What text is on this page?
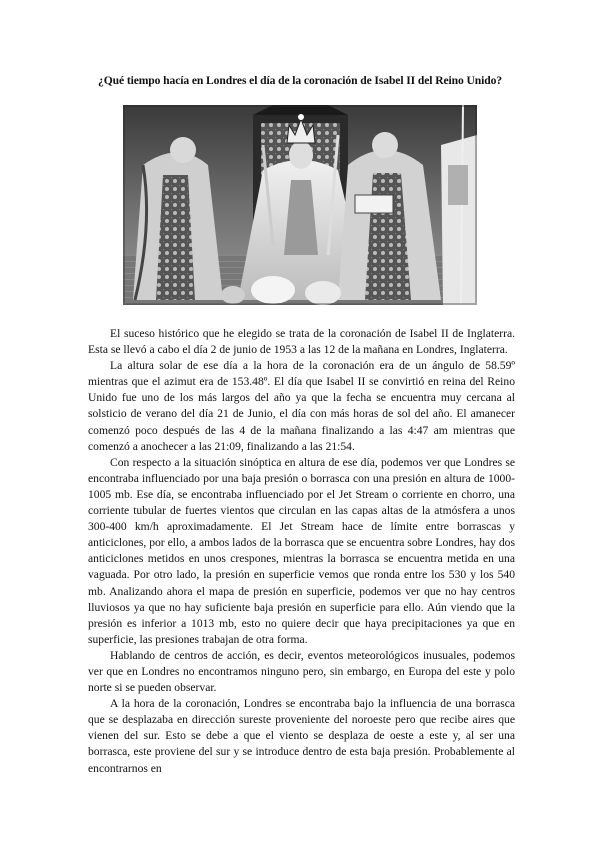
¿Qué tiempo hacía en Londres el día de la coronación de Isabel II del Reino Unido?

El suceso histórico que he elegido se trata de la coronación de Isabel II de Inglaterra. Esta se llevó a cabo el día 2 de junio de 1953 a las 12 de la mañana en Londres, Inglaterra.

La altura solar de ese día a la hora de la coronación era de un ángulo de 58.59º mientras que el azimut era de 153.48º. El día que Isabel II se convirtió en reina del Reino Unido fue uno de los más largos del año ya que la fecha se encuentra muy cercana al solsticio de verano del día 21 de Junio, el día con más horas de sol del año. El amanecer comenzó poco después de las 4 de la mañana finalizando a las 4:47 am mientras que comenzó a anochecer a las 21:09, finalizando a las 21:54.

Con respecto a la situación sinóptica en altura de ese día, podemos ver que Londres se encontraba influenciado por una baja presión o borrasca con una presión en altura de 1000-1005 mb. Ese día, se encontraba influenciado por el Jet Stream o corriente en chorro, una corriente tubular de fuertes vientos que circulan en las capas altas de la atmósfera a unos 300-400 km/h aproximadamente. El Jet Stream hace de límite entre borrascas y anticiclones, por ello, a ambos lados de la borrasca que se encuentra sobre Londres, hay dos anticiclones metidos en unos crespones, mientras la borrasca se encuentra metida en una vaguada. Por otro lado, la presión en superficie vemos que ronda entre los 530 y los 540 mb. Analizando ahora el mapa de presión en superficie, podemos ver que no hay centros lluviosos ya que no hay suficiente baja presión en superficie para ello. Aún viendo que la presión es inferior a 1013 mb, esto no quiere decir que haya precipitaciones ya que en superficie, las presiones trabajan de otra forma.

Hablando de centros de acción, es decir, eventos meteorológicos inusuales, podemos ver que en Londres no encontramos ninguno pero, sin embargo, en Europa del este y polo norte si se pueden observar.

A la hora de la coronación, Londres se encontraba bajo la influencia de una borrasca que se desplazaba en dirección sureste proveniente del noroeste pero que recibe aires que vienen del sur. Esto se debe a que el viento se desplaza de oeste a este y, al ser una borrasca, este proviene del sur y se introduce dentro de esta baja presión. Probablemente al encontrarnos en
